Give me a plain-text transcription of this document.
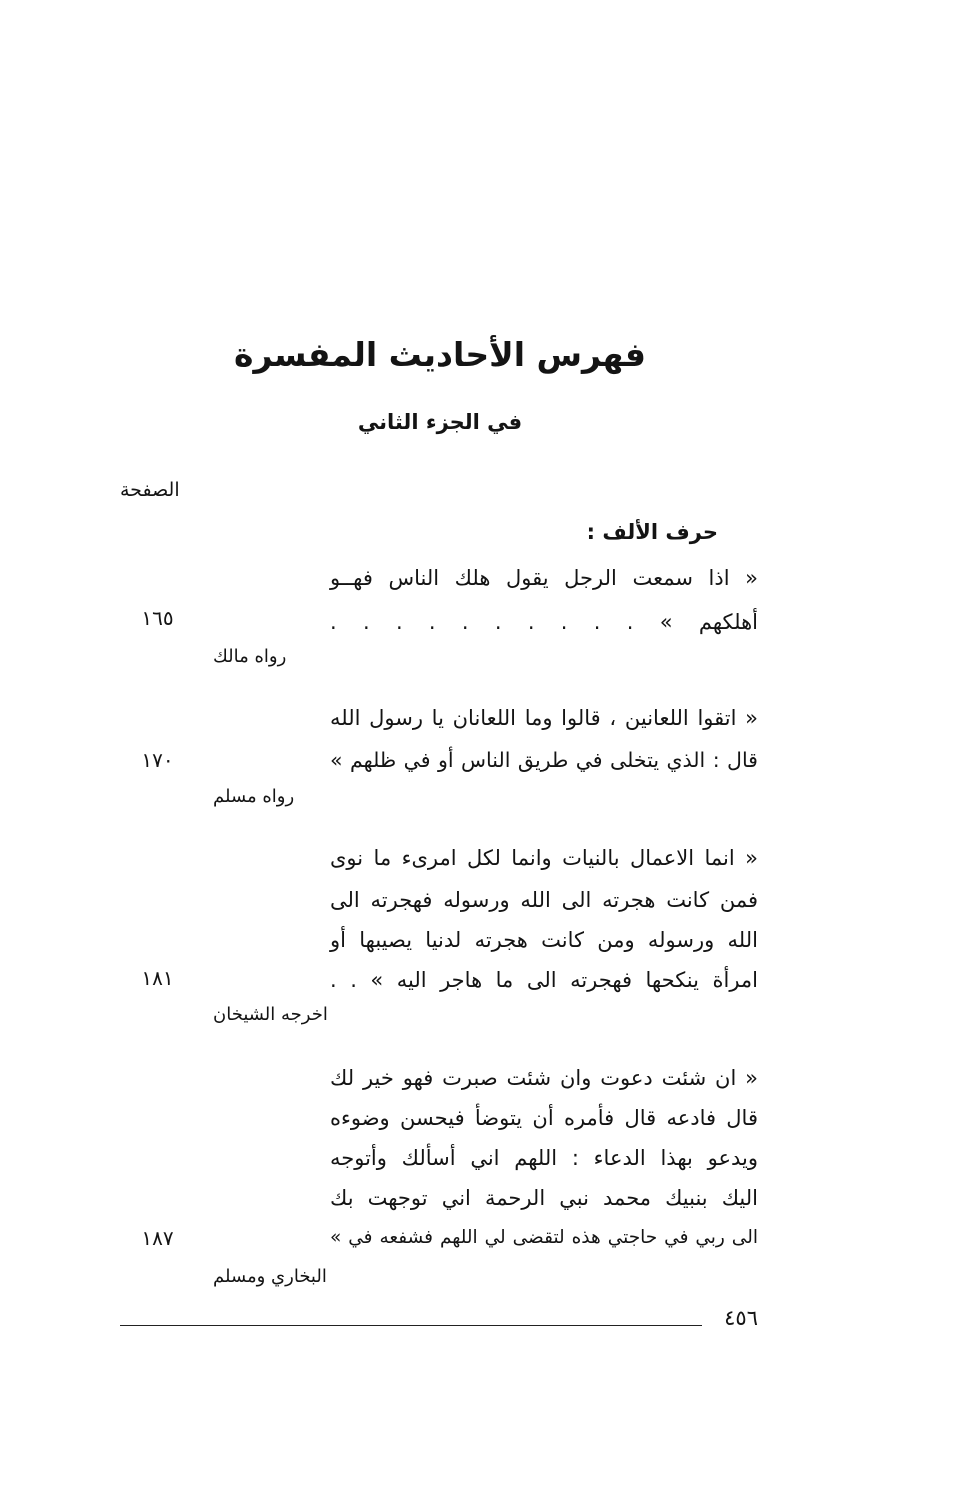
فهرس الأحاديث المفسرة
في الجزء الثاني
الصفحة
حرف الألف :
« اذا سمعت الرجل يقول هلك الناس فهــو
أهلكهم » . . . . . . . . . .
١٦٥
رواه مالك
« اتقوا اللعانين ، قالوا وما اللعانان يا رسول الله
قال : الذي يتخلى في طريق الناس أو في ظلهم »
١٧٠
رواه مسلم
« انما الاعمال بالنيات وانما لكل امرىء ما نوى
فمن كانت هجرته الى الله ورسوله فهجرته الى
الله ورسوله ومن كانت هجرته لدنيا يصيبها أو
امرأة ينكحها فهجرته الى ما هاجر اليه » . .
١٨١
اخرجه الشيخان
« ان شئت دعوت وان شئت صبرت فهو خير لك
قال فادعه قال فأمره أن يتوضأ فيحسن وضوءه
ويدعو بهذا الدعاء : اللهم اني أسألك وأتوجه
اليك بنبيك محمد نبي الرحمة اني توجهت بك
الى ربي في حاجتي هذه لتقضى لي اللهم فشفعه في »
١٨٧
البخاري ومسلم
٤٥٦
